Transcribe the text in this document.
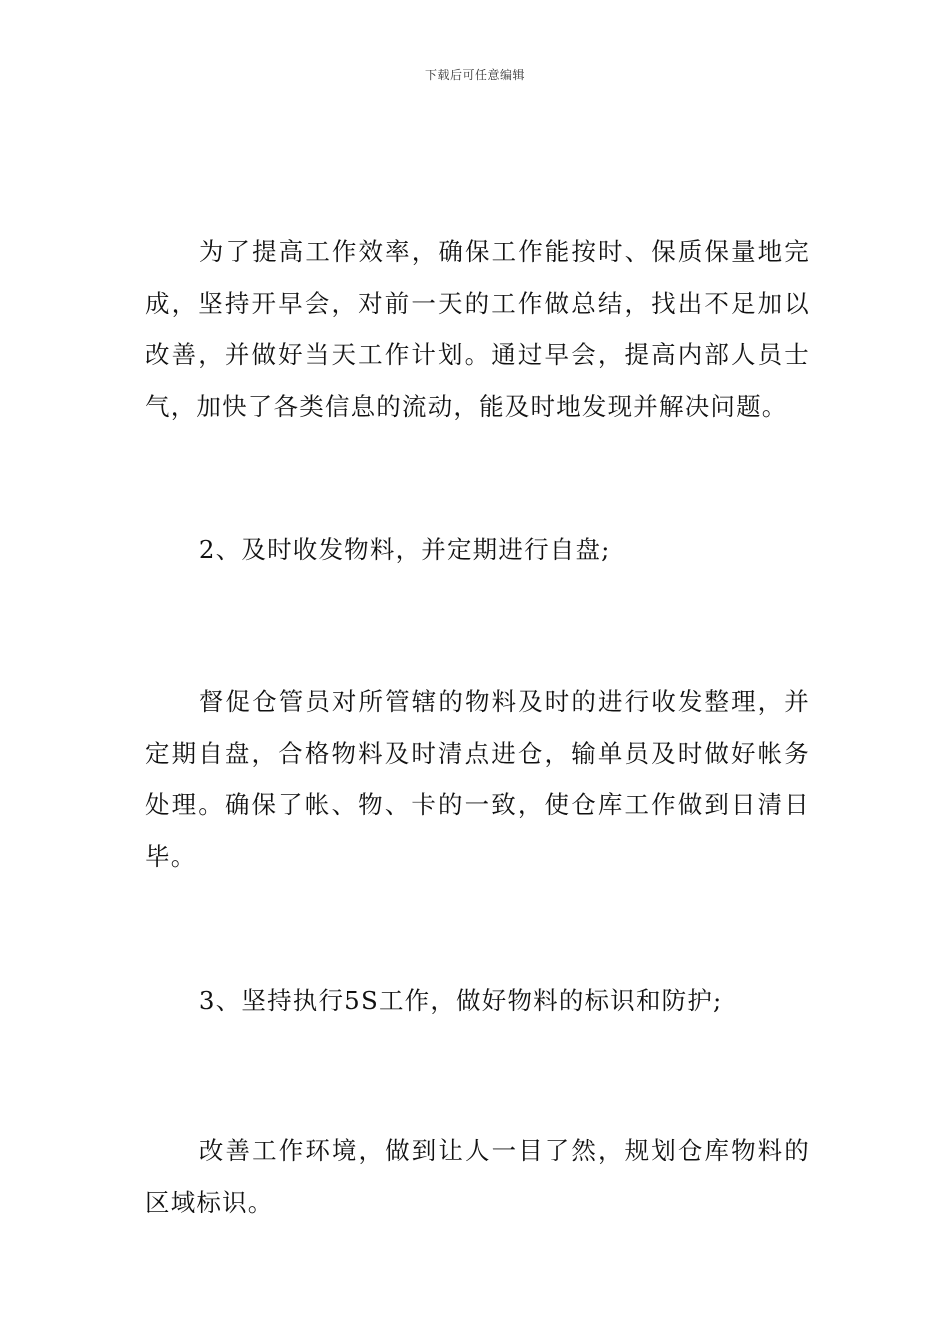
下载后可任意编辑

为了提高工作效率，确保工作能按时、保质保量地完成，坚持开早会，对前一天的工作做总结，找出不足加以改善，并做好当天工作计划。通过早会，提高内部人员士气，加快了各类信息的流动，能及时地发现并解决问题。

2、及时收发物料，并定期进行自盘;

督促仓管员对所管辖的物料及时的进行收发整理，并定期自盘，合格物料及时清点进仓，输单员及时做好帐务处理。确保了帐、物、卡的一致，使仓库工作做到日清日毕。

3、坚持执行5S工作，做好物料的标识和防护;

改善工作环境，做到让人一目了然，规划仓库物料的区域标识。
